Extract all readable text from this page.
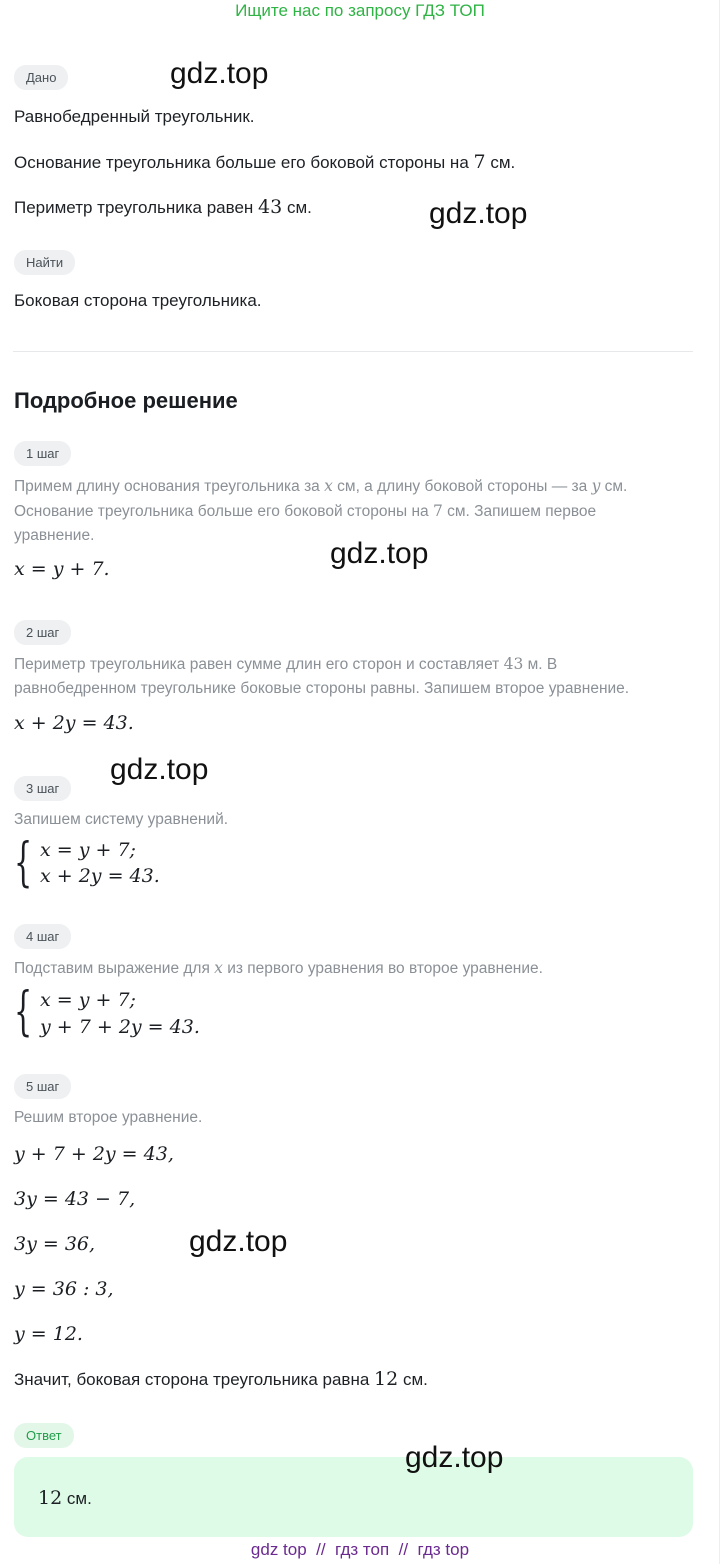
Ищите нас по запросу ГДЗ ТОП
Дано	gdz.top
Равнобедренный треугольник.
Основание треугольника больше его боковой стороны на 7 см.
Периметр треугольника равен 43 см.	gdz.top
Найти
Боковая сторона треугольника.
Подробное решение
1 шаг
Примем длину основания треугольника за x см, а длину боковой стороны — за y см.
Основание треугольника больше его боковой стороны на 7 см. Запишем первое
уравнение.
x = y + 7.	gdz.top
2 шаг
Периметр треугольника равен сумме длин его сторон и составляет 43 м. В
равнобедренном треугольнике боковые стороны равны. Запишем второе уравнение.
x + 2y = 43.
gdz.top
3 шаг
Запишем систему уравнений.
{ x = y + 7;
x + 2y = 43.
4 шаг
Подставим выражение для x из первого уравнения во второе уравнение.
{ x = y + 7;
y + 7 + 2y = 43.
5 шаг
Решим второе уравнение.
y + 7 + 2y = 43,
3y = 43 − 7,
3y = 36,	gdz.top
y = 36 : 3,
y = 12.
Значит, боковая сторона треугольника равна 12 см.
Ответ
gdz.top
12 см.
gdz top // гдз топ // гдз top
